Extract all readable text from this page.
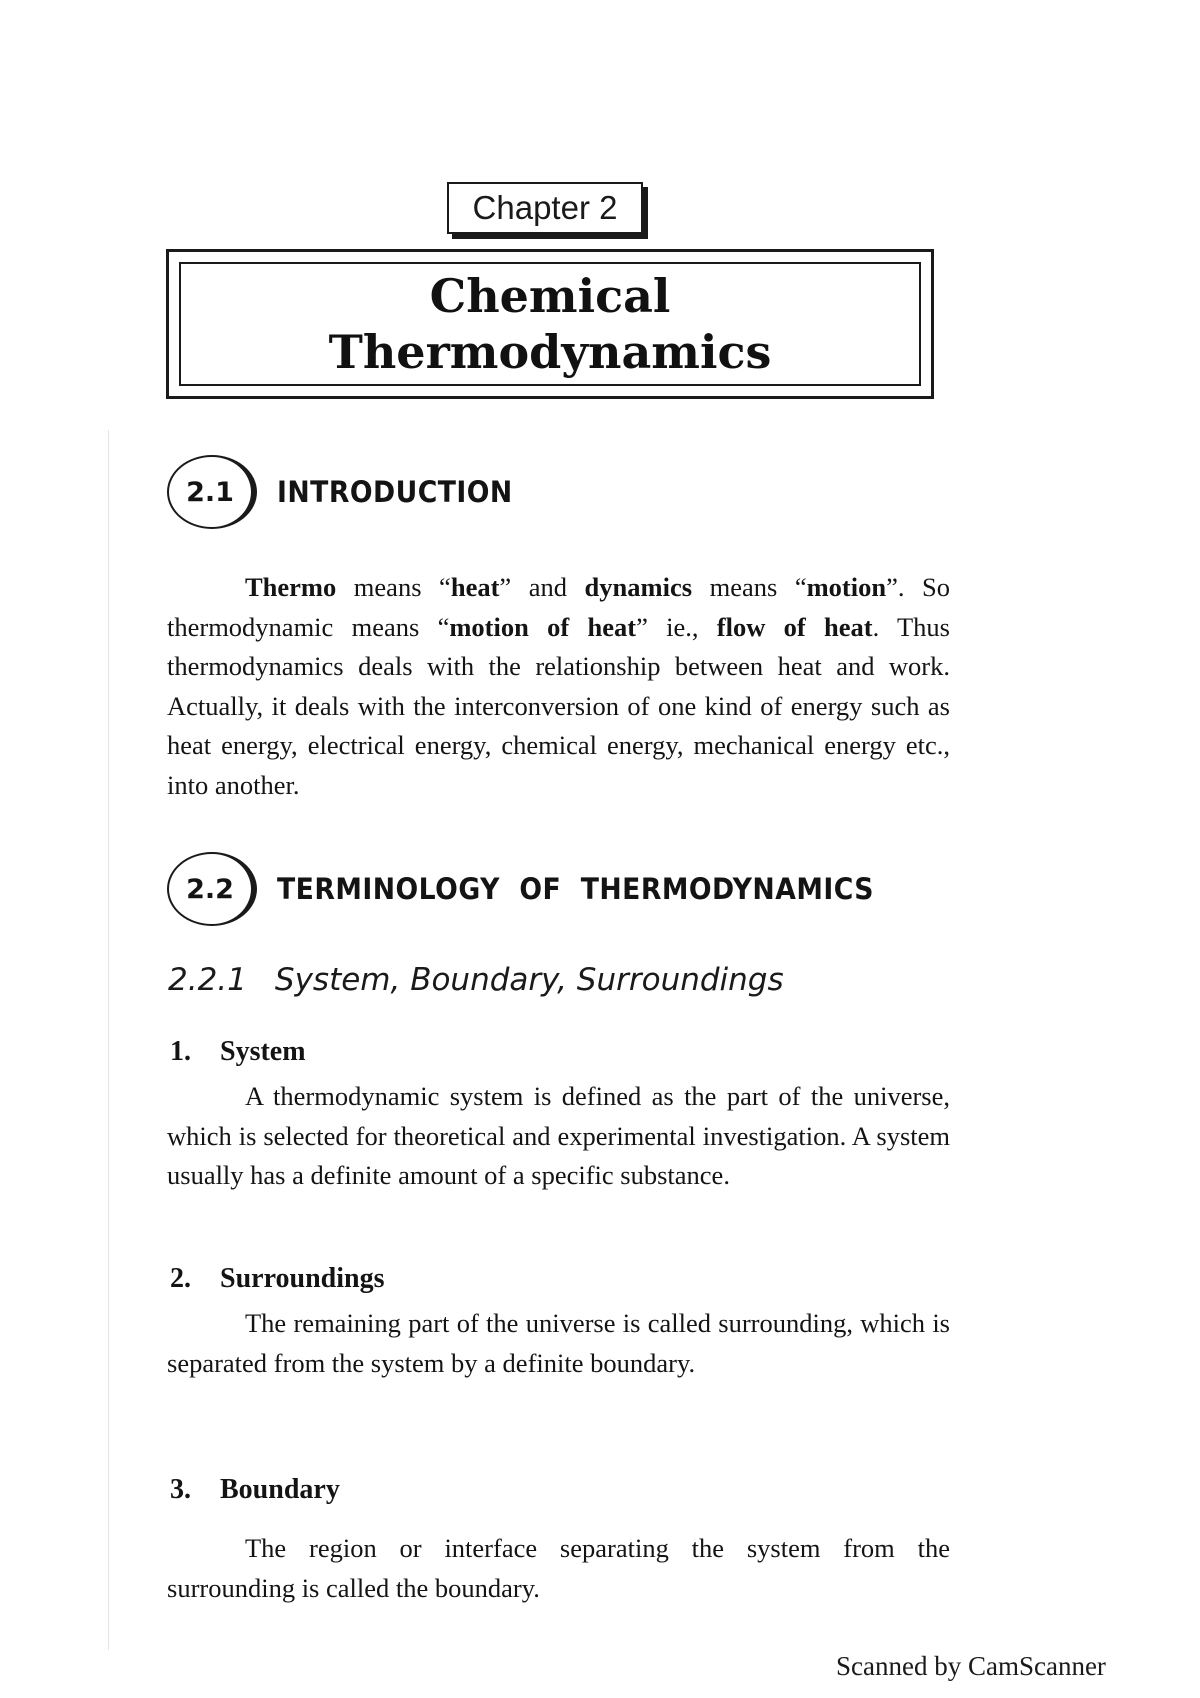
Chapter 2
Chemical
Thermodynamics
2.1	INTRODUCTION

Thermo means “heat” and dynamics means “motion”. So thermodynamic means “motion of heat” ie., flow of heat. Thus thermodynamics deals with the relationship between heat and work. Actually, it deals with the interconversion of one kind of energy such as heat energy, electrical energy, chemical energy, mechanical energy etc., into another.

2.2	TERMINOLOGY  OF  THERMODYNAMICS
2.2.1 System, Boundary, Surroundings
1. System

A thermodynamic system is defined as the part of the universe, which is selected for theoretical and experimental investigation. A system usually has a definite amount of a specific substance.

2. Surroundings

The remaining part of the universe is called surrounding, which is separated from the system by a definite boundary.

3. Boundary

The region or interface separating the system from the surrounding is called the boundary.

Scanned by CamScanner
